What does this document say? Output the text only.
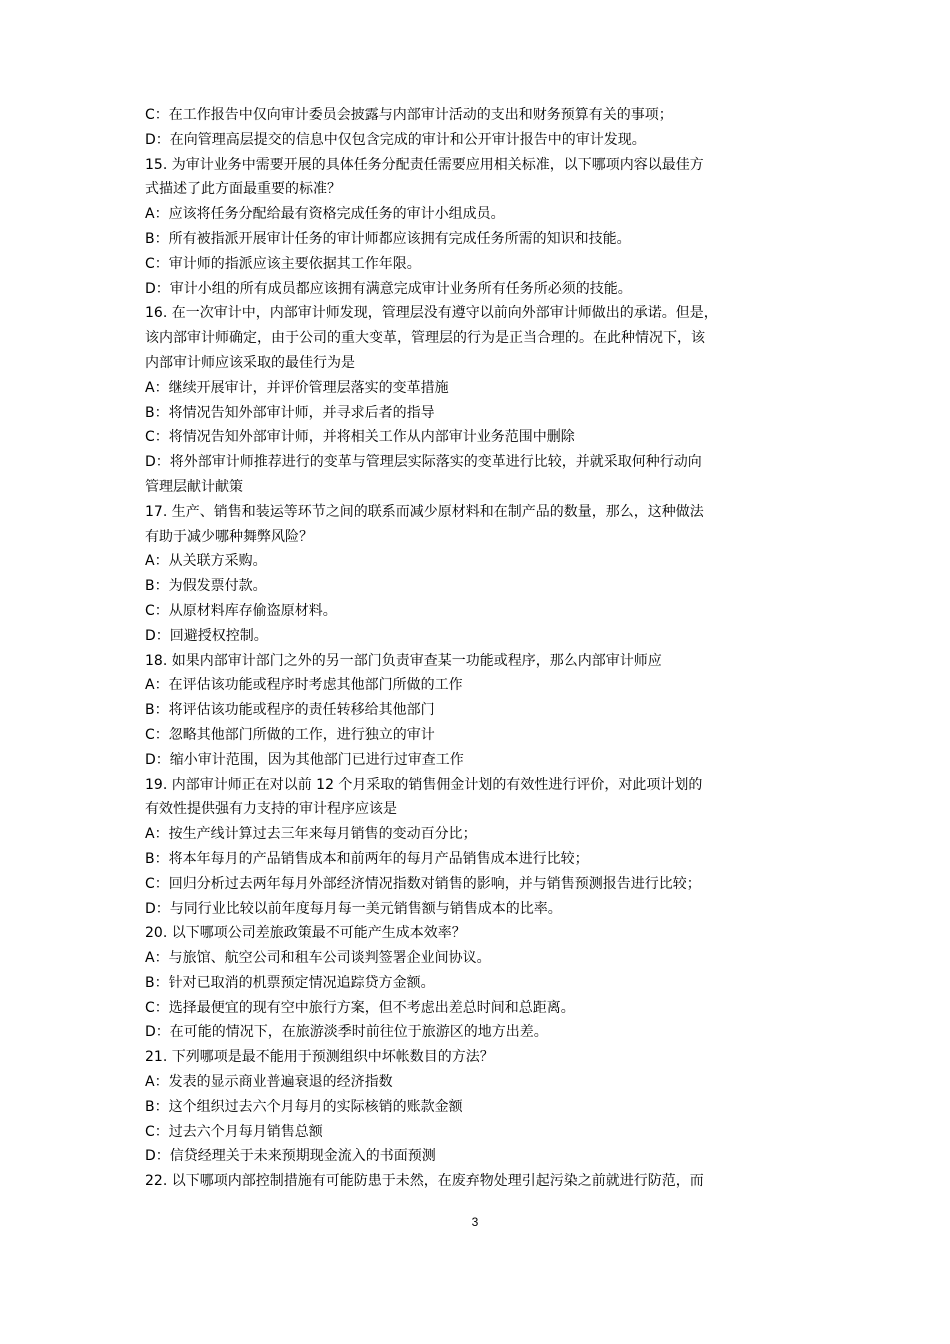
C：在工作报告中仅向审计委员会披露与内部审计活动的支出和财务预算有关的事项；
D：在向管理高层提交的信息中仅包含完成的审计和公开审计报告中的审计发现。
15. 为审计业务中需要开展的具体任务分配责任需要应用相关标准，以下哪项内容以最佳方
式描述了此方面最重要的标准？
A：应该将任务分配给最有资格完成任务的审计小组成员。
B：所有被指派开展审计任务的审计师都应该拥有完成任务所需的知识和技能。
C：审计师的指派应该主要依据其工作年限。
D：审计小组的所有成员都应该拥有满意完成审计业务所有任务所必须的技能。
16. 在一次审计中，内部审计师发现，管理层没有遵守以前向外部审计师做出的承诺。但是，
该内部审计师确定，由于公司的重大变革，管理层的行为是正当合理的。在此种情况下，该
内部审计师应该采取的最佳行为是
A：继续开展审计，并评价管理层落实的变革措施
B：将情况告知外部审计师，并寻求后者的指导
C：将情况告知外部审计师，并将相关工作从内部审计业务范围中删除
D：将外部审计师推荐进行的变革与管理层实际落实的变革进行比较，并就采取何种行动向
管理层献计献策
17. 生产、销售和装运等环节之间的联系而减少原材料和在制产品的数量，那么，这种做法
有助于减少哪种舞弊风险？
A：从关联方采购。
B：为假发票付款。
C：从原材料库存偷盗原材料。
D：回避授权控制。
18. 如果内部审计部门之外的另一部门负责审查某一功能或程序，那么内部审计师应
A：在评估该功能或程序时考虑其他部门所做的工作
B：将评估该功能或程序的责任转移给其他部门
C：忽略其他部门所做的工作，进行独立的审计
D：缩小审计范围，因为其他部门已进行过审查工作
19. 内部审计师正在对以前 12 个月采取的销售佣金计划的有效性进行评价，对此项计划的
有效性提供强有力支持的审计程序应该是
A：按生产线计算过去三年来每月销售的变动百分比；
B：将本年每月的产品销售成本和前两年的每月产品销售成本进行比较；
C：回归分析过去两年每月外部经济情况指数对销售的影响，并与销售预测报告进行比较；
D：与同行业比较以前年度每月每一美元销售额与销售成本的比率。
20. 以下哪项公司差旅政策最不可能产生成本效率？
A：与旅馆、航空公司和租车公司谈判签署企业间协议。
B：针对已取消的机票预定情况追踪贷方金额。
C：选择最便宜的现有空中旅行方案，但不考虑出差总时间和总距离。
D：在可能的情况下，在旅游淡季时前往位于旅游区的地方出差。
21. 下列哪项是最不能用于预测组织中坏帐数目的方法？
A：发表的显示商业普遍衰退的经济指数
B：这个组织过去六个月每月的实际核销的账款金额
C：过去六个月每月销售总额
D：信贷经理关于未来预期现金流入的书面预测
22. 以下哪项内部控制措施有可能防患于未然，在废弃物处理引起污染之前就进行防范，而
3
